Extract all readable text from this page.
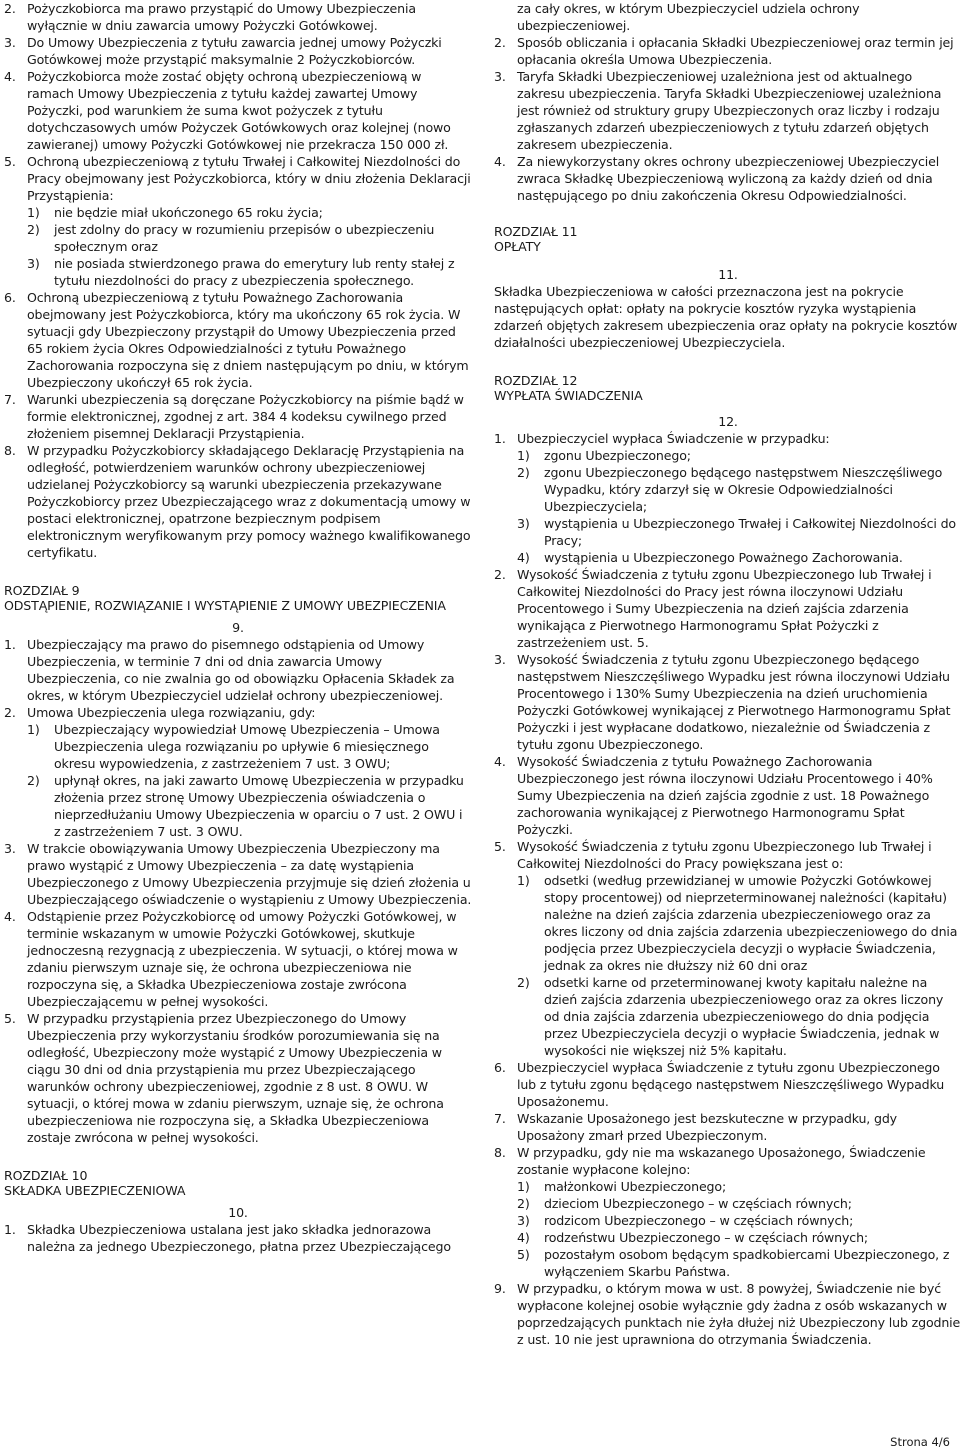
2. Pożyczkobiorca ma prawo przystąpić do Umowy Ubezpieczenia wyłącznie w dniu zawarcia umowy Pożyczki Gotówkowej.
3. Do Umowy Ubezpieczenia z tytułu zawarcia jednej umowy Pożyczki Gotówkowej może przystąpić maksymalnie 2 Pożyczkobiorców.
4. Pożyczkobiorca może zostać objęty ochroną ubezpieczeniową w ramach Umowy Ubezpieczenia z tytułu każdej zawartej Umowy Pożyczki, pod warunkiem że suma kwot pożyczek z tytułu dotychczasowych umów Pożyczek Gotówkowych oraz kolejnej (nowo zawieranej) umowy Pożyczki Gotówkowej nie przekracza 150 000 zł.
5. Ochroną ubezpieczeniową z tytułu Trwałej i Całkowitej Niezdolności do Pracy obejmowany jest Pożyczkobiorca, który w dniu złożenia Deklaracji Przystąpienia:
1) nie będzie miał ukończonego 65 roku życia;
2) jest zdolny do pracy w rozumieniu przepisów o ubezpieczeniu społecznym oraz
3) nie posiada stwierdzonego prawa do emerytury lub renty stałej z tytułu niezdolności do pracy z ubezpieczenia społecznego.
6. Ochroną ubezpieczeniową z tytułu Poważnego Zachorowania obejmowany jest Pożyczkobiorca, który ma ukończony 65 rok życia. W sytuacji gdy Ubezpieczony przystąpił do Umowy Ubezpieczenia przed 65 rokiem życia Okres Odpowiedzialności z tytułu Poważnego Zachorowania rozpoczyna się z dniem następującym po dniu, w którym Ubezpieczony ukończył 65 rok życia.
7. Warunki ubezpieczenia są doręczane Pożyczkobiorcy na piśmie bądź w formie elektronicznej, zgodnej z art. 384 4 kodeksu cywilnego przed złożeniem pisemnej Deklaracji Przystąpienia.
8. W przypadku Pożyczkobiorcy składającego Deklarację Przystąpienia na odległość, potwierdzeniem warunków ochrony ubezpieczeniowej udzielanej Pożyczkobiorcy są warunki ubezpieczenia przekazywane Pożyczkobiorcy przez Ubezpieczającego wraz z dokumentacją umowy w postaci elektronicznej, opatrzone bezpiecznym podpisem elektronicznym weryfikowanym przy pomocy ważnego kwalifikowanego certyfikatu.

ROZDZIAŁ 9

ODSTĄPIENIE, ROZWIĄZANIE I WYSTĄPIENIE Z UMOWY UBEZPIECZENIA

9.

1. Ubezpieczający ma prawo do pisemnego odstąpienia od Umowy Ubezpieczenia, w terminie 7 dni od dnia zawarcia Umowy Ubezpieczenia, co nie zwalnia go od obowiązku Opłacenia Składek za okres, w którym Ubezpieczyciel udzielał ochrony ubezpieczeniowej.
2. Umowa Ubezpieczenia ulega rozwiązaniu, gdy:
1) Ubezpieczający wypowiedział Umowę Ubezpieczenia – Umowa Ubezpieczenia ulega rozwiązaniu po upływie 6 miesięcznego okresu wypowiedzenia, z zastrzeżeniem 7 ust. 3 OWU;
2) upłynął okres, na jaki zawarto Umowę Ubezpieczenia w przypadku złożenia przez stronę Umowy Ubezpieczenia oświadczenia o nieprzedłużaniu Umowy Ubezpieczenia w oparciu o 7 ust. 2 OWU i z zastrzeżeniem 7 ust. 3 OWU.
3. W trakcie obowiązywania Umowy Ubezpieczenia Ubezpieczony ma prawo wystąpić z Umowy Ubezpieczenia – za datę wystąpienia Ubezpieczonego z Umowy Ubezpieczenia przyjmuje się dzień złożenia u Ubezpieczającego oświadczenie o wystąpieniu z Umowy Ubezpieczenia.
4. Odstąpienie przez Pożyczkobiorcę od umowy Pożyczki Gotówkowej, w terminie wskazanym w umowie Pożyczki Gotówkowej, skutkuje jednoczesną rezygnacją z ubezpieczenia. W sytuacji, o której mowa w zdaniu pierwszym uznaje się, że ochrona ubezpieczeniowa nie rozpoczyna się, a Składka Ubezpieczeniowa zostaje zwrócona Ubezpieczającemu w pełnej wysokości.
5. W przypadku przystąpienia przez Ubezpieczonego do Umowy Ubezpieczenia przy wykorzystaniu środków porozumiewania się na odległość, Ubezpieczony może wystąpić z Umowy Ubezpieczenia w ciągu 30 dni od dnia przystąpienia mu przez Ubezpieczającego warunków ochrony ubezpieczeniowej, zgodnie z 8 ust. 8 OWU. W sytuacji, o której mowa w zdaniu pierwszym, uznaje się, że ochrona ubezpieczeniowa nie rozpoczyna się, a Składka Ubezpieczeniowa zostaje zwrócona w pełnej wysokości.

ROZDZIAŁ 10

SKŁADKA UBEZPIECZENIOWA

10.

1. Składka Ubezpieczeniowa ustalana jest jako składka jednorazowa należna za jednego Ubezpieczonego, płatna przez Ubezpieczającego
za cały okres, w którym Ubezpieczyciel udziela ochrony ubezpieczeniowej.
2. Sposób obliczania i opłacania Składki Ubezpieczeniowej oraz termin jej opłacania określa Umowa Ubezpieczenia.
3. Taryfa Składki Ubezpieczeniowej uzależniona jest od aktualnego zakresu ubezpieczenia. Taryfa Składki Ubezpieczeniowej uzależniona jest również od struktury grupy Ubezpieczonych oraz liczby i rodzaju zgłaszanych zdarzeń ubezpieczeniowych z tytułu zdarzeń objętych zakresem ubezpieczenia.
4. Za niewykorzystany okres ochrony ubezpieczeniowej Ubezpieczyciel zwraca Składkę Ubezpieczeniową wyliczoną za każdy dzień od dnia następującego po dniu zakończenia Okresu Odpowiedzialności.

ROZDZIAŁ 11

OPŁATY

11.

Składka Ubezpieczeniowa w całości przeznaczona jest na pokrycie następujących opłat: opłaty na pokrycie kosztów ryzyka wystąpienia zdarzeń objętych zakresem ubezpieczenia oraz opłaty na pokrycie kosztów działalności ubezpieczeniowej Ubezpieczyciela.

ROZDZIAŁ 12

WYPŁATA ŚWIADCZENIA

12.

1. Ubezpieczyciel wypłaca Świadczenie w przypadku:
1) zgonu Ubezpieczonego;
2) zgonu Ubezpieczonego będącego następstwem Nieszczęśliwego Wypadku, który zdarzył się w Okresie Odpowiedzialności Ubezpieczyciela;
3) wystąpienia u Ubezpieczonego Trwałej i Całkowitej Niezdolności do Pracy;
4) wystąpienia u Ubezpieczonego Poważnego Zachorowania.
2. Wysokość Świadczenia z tytułu zgonu Ubezpieczonego lub Trwałej i Całkowitej Niezdolności do Pracy jest równa iloczynowi Udziału Procentowego i Sumy Ubezpieczenia na dzień zajścia zdarzenia wynikająca z Pierwotnego Harmonogramu Spłat Pożyczki z zastrzeżeniem ust. 5.
3. Wysokość Świadczenia z tytułu zgonu Ubezpieczonego będącego następstwem Nieszczęśliwego Wypadku jest równa iloczynowi Udziału Procentowego i 130% Sumy Ubezpieczenia na dzień uruchomienia Pożyczki Gotówkowej wynikającej z Pierwotnego Harmonogramu Spłat Pożyczki i jest wypłacane dodatkowo, niezależnie od Świadczenia z tytułu zgonu Ubezpieczonego.
4. Wysokość Świadczenia z tytułu Poważnego Zachorowania Ubezpieczonego jest równa iloczynowi Udziału Procentowego i 40% Sumy Ubezpieczenia na dzień zajścia zgodnie z ust. 18 Poważnego zachorowania wynikającej z Pierwotnego Harmonogramu Spłat Pożyczki.
5. Wysokość Świadczenia z tytułu zgonu Ubezpieczonego lub Trwałej i Całkowitej Niezdolności do Pracy powiększana jest o:
1) odsetki (według przewidzianej w umowie Pożyczki Gotówkowej stopy procentowej) od nieprzeterminowanej należności (kapitału) należne na dzień zajścia zdarzenia ubezpieczeniowego oraz za okres liczony od dnia zajścia zdarzenia ubezpieczeniowego do dnia podjęcia przez Ubezpieczyciela decyzji o wypłacie Świadczenia, jednak za okres nie dłuższy niż 60 dni oraz
2) odsetki karne od przeterminowanej kwoty kapitału należne na dzień zajścia zdarzenia ubezpieczeniowego oraz za okres liczony od dnia zajścia zdarzenia ubezpieczeniowego do dnia podjęcia przez Ubezpieczyciela decyzji o wypłacie Świadczenia, jednak w wysokości nie większej niż 5% kapitału.
6. Ubezpieczyciel wypłaca Świadczenie z tytułu zgonu Ubezpieczonego lub z tytułu zgonu będącego następstwem Nieszczęśliwego Wypadku Uposażonemu.
7. Wskazanie Uposażonego jest bezskuteczne w przypadku, gdy Uposażony zmarł przed Ubezpieczonym.
8. W przypadku, gdy nie ma wskazanego Uposażonego, Świadczenie zostanie wypłacone kolejno:
1) małżonkowi Ubezpieczonego;
2) dzieciom Ubezpieczonego – w częściach równych;
3) rodzicom Ubezpieczonego – w częściach równych;
4) rodzeństwu Ubezpieczonego – w częściach równych;
5) pozostałym osobom będącym spadkobiercami Ubezpieczonego, z wyłączeniem Skarbu Państwa.
9. W przypadku, o którym mowa w ust. 8 powyżej, Świadczenie nie być wypłacone kolejnej osobie wyłącznie gdy żadna z osób wskazanych w poprzedzających punktach nie żyła dłużej niż Ubezpieczony lub zgodnie z ust. 10 nie jest uprawniona do otrzymania Świadczenia.
Strona 4/6
